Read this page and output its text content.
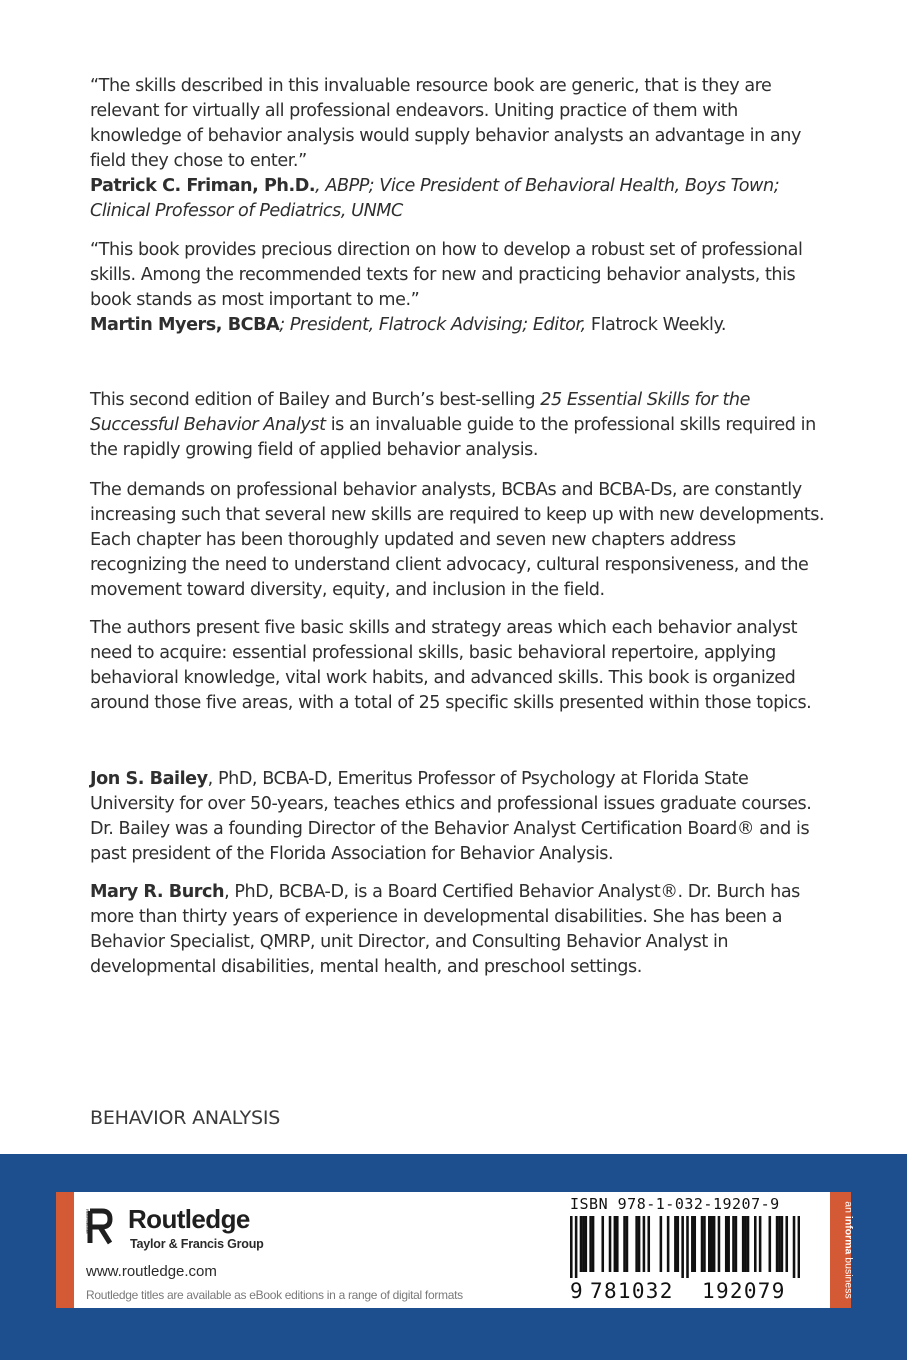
“The skills described in this invaluable resource book are generic, that is they are relevant for virtually all professional endeavors. Uniting practice of them with knowledge of behavior analysis would supply behavior analysts an advantage in any field they chose to enter.”

Patrick C. Friman, Ph.D., ABPP; Vice President of Behavioral Health, Boys Town; Clinical Professor of Pediatrics, UNMC

“This book provides precious direction on how to develop a robust set of professional skills. Among the recommended texts for new and practicing behavior analysts, this book stands as most important to me.”

Martin Myers, BCBA; President, Flatrock Advising; Editor, Flatrock Weekly.

This second edition of Bailey and Burch’s best-selling 25 Essential Skills for the Successful Behavior Analyst is an invaluable guide to the professional skills required in the rapidly growing field of applied behavior analysis.

The demands on professional behavior analysts, BCBAs and BCBA-Ds, are constantly increasing such that several new skills are required to keep up with new developments. Each chapter has been thoroughly updated and seven new chapters address recognizing the need to understand client advocacy, cultural responsiveness, and the movement toward diversity, equity, and inclusion in the field.

The authors present five basic skills and strategy areas which each behavior analyst need to acquire: essential professional skills, basic behavioral repertoire, applying behavioral knowledge, vital work habits, and advanced skills. This book is organized around those five areas, with a total of 25 specific skills presented within those topics.

Jon S. Bailey, PhD, BCBA-D, Emeritus Professor of Psychology at Florida State University for over 50-years, teaches ethics and professional issues graduate courses. Dr. Bailey was a founding Director of the Behavior Analyst Certification Board® and is past president of the Florida Association for Behavior Analysis.

Mary R. Burch, PhD, BCBA-D, is a Board Certified Behavior Analyst®. Dr. Burch has more than thirty years of experience in developmental disabilities. She has been a Behavior Specialist, QMRP, unit Director, and Consulting Behavior Analyst in developmental disabilities, mental health, and preschool settings.

BEHAVIOR ANALYSIS
ROUTLEDGE Routledge
Taylor & Francis Group
www.routledge.com
Routledge titles are available as eBook editions in a range of digital formats
ISBN 978-1-032-19207-9
9 781032 192079
an informa business
